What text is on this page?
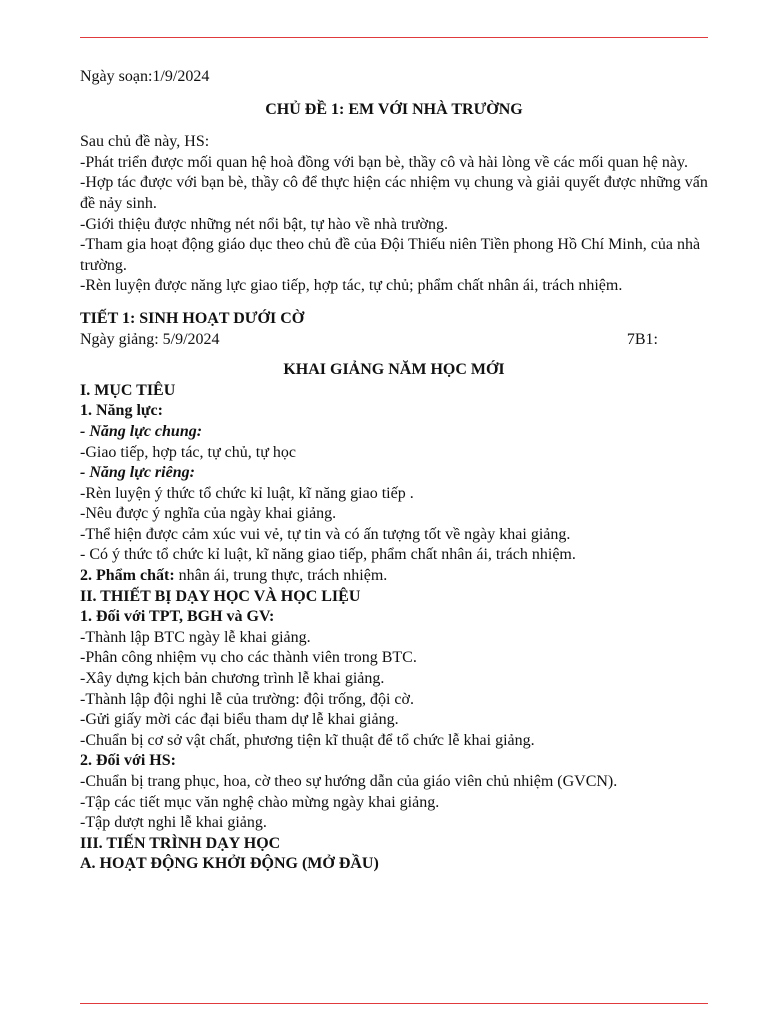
Ngày soạn:1/9/2024

CHỦ ĐỀ 1: EM VỚI NHÀ TRƯỜNG

Sau chủ đề này, HS:

-Phát triển được mối quan hệ hoà đồng với bạn bè, thầy cô và hài lòng về các mối quan hệ này.

-Hợp tác được với bạn bè, thầy cô để thực hiện các nhiệm vụ chung và giải quyết được những vấn đề nảy sinh.

-Giới thiệu được những nét nổi bật, tự hào về nhà trường.

-Tham gia hoạt động giáo dục theo chủ đề của Đội Thiếu niên Tiền phong Hồ Chí Minh, của nhà trường.

-Rèn luyện được năng lực giao tiếp, hợp tác, tự chủ; phẩm chất nhân ái, trách nhiệm.

TIẾT 1: SINH HOẠT DƯỚI CỜ

Ngày giảng: 5/9/2024	7B1:

KHAI GIẢNG NĂM HỌC MỚI

I. MỤC TIÊU

1. Năng lực:

- Năng lực chung:

-Giao tiếp, hợp tác, tự chủ, tự học

- Năng lực riêng:

-Rèn luyện ý thức tổ chức kỉ luật, kĩ năng giao tiếp .

-Nêu được ý nghĩa của ngày khai giảng.

-Thể hiện được cảm xúc vui vẻ, tự tin và có ấn tượng tốt về ngày khai giảng.

- Có ý thức tổ chức kỉ luật, kĩ năng giao tiếp, phẩm chất nhân ái, trách nhiệm.

2. Phẩm chất: nhân ái, trung thực, trách nhiệm.

II. THIẾT BỊ DẠY HỌC VÀ HỌC LIỆU

1. Đối với TPT, BGH và GV:

-Thành lập BTC ngày lễ khai giảng.

-Phân công nhiệm vụ cho các thành viên trong BTC.

-Xây dựng kịch bản chương trình lễ khai giảng.

-Thành lập đội nghi lễ của trường: đội trống, đội cờ.

-Gửi giấy mời các đại biểu tham dự lễ khai giảng.

-Chuẩn bị cơ sở vật chất, phương tiện kĩ thuật để tổ chức lễ khai giảng.

2. Đối với HS:

-Chuẩn bị trang phục, hoa, cờ theo sự hướng dẫn của giáo viên chủ nhiệm (GVCN).

-Tập các tiết mục văn nghệ chào mừng ngày khai giảng.

-Tập dượt nghi lễ khai giảng.

III. TIẾN TRÌNH DẠY HỌC

A. HOẠT ĐỘNG KHỞI ĐỘNG (MỞ ĐẦU)
